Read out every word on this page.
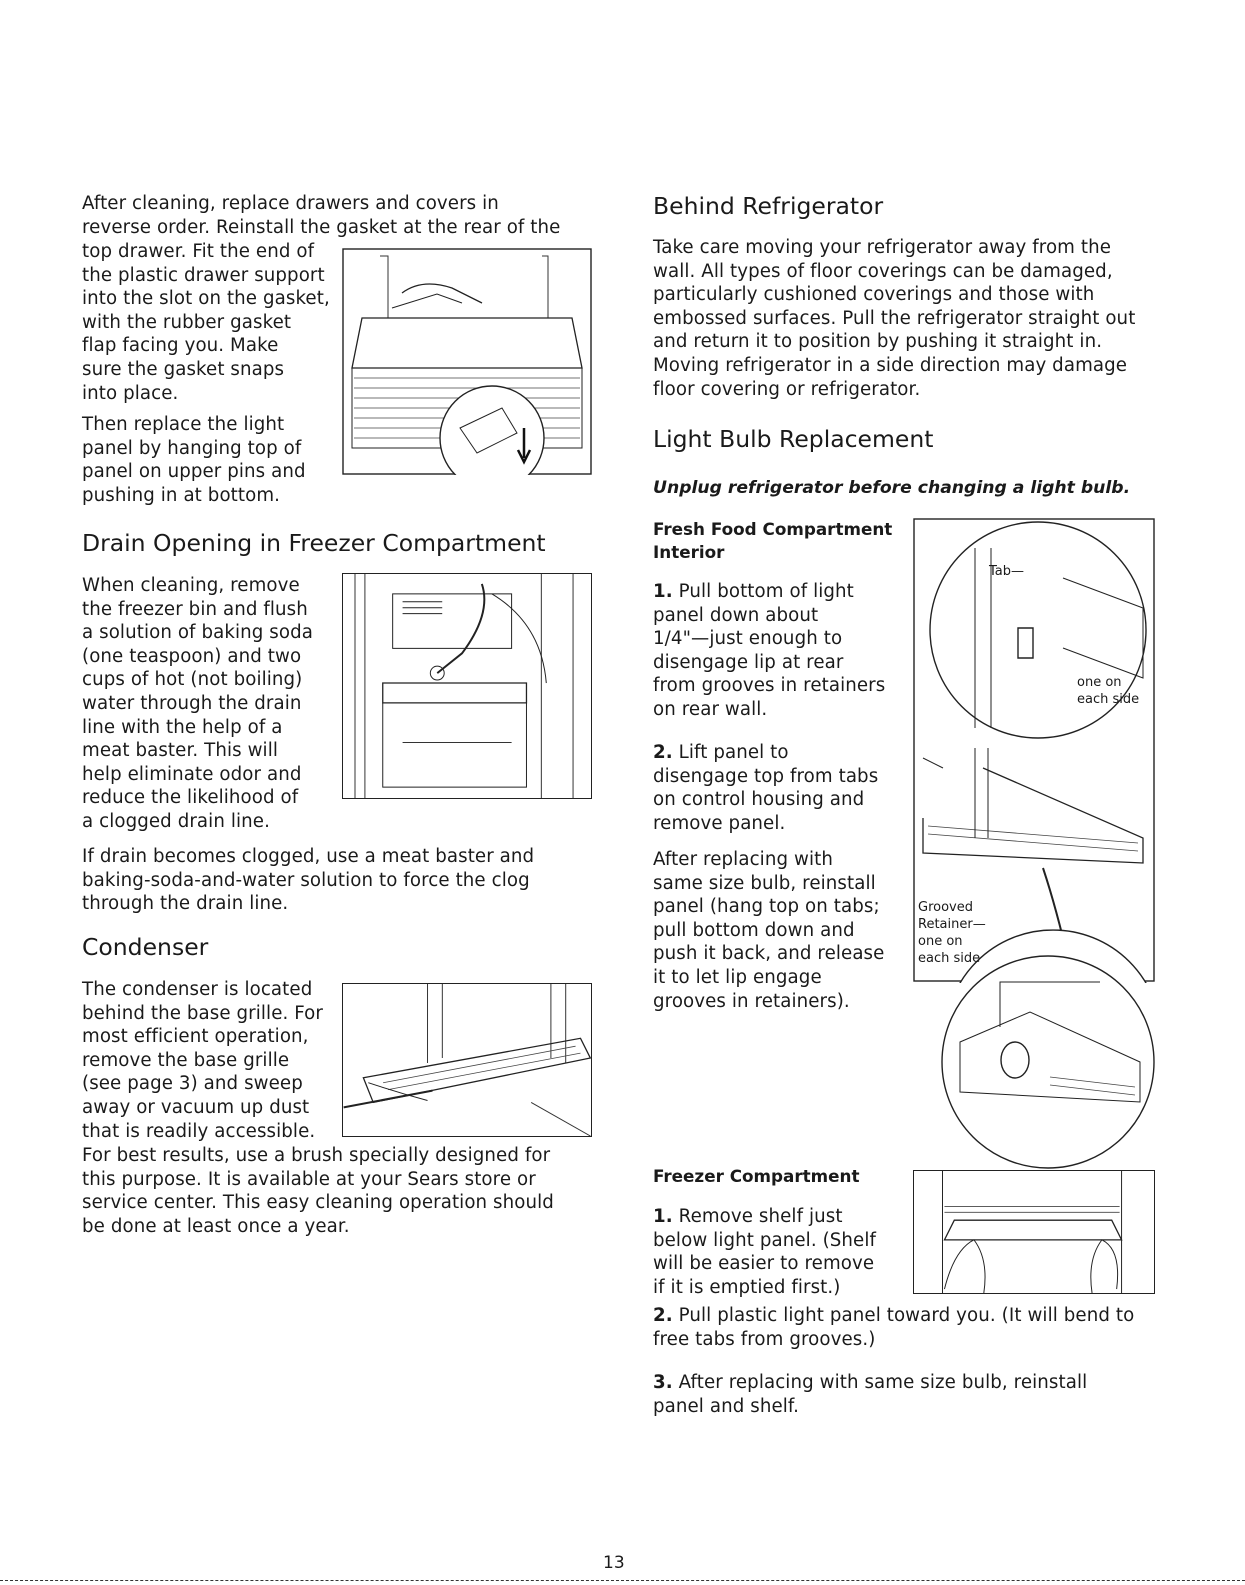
After cleaning, replace drawers and covers in

reverse order. Reinstall the gasket at the rear of the

top drawer. Fit the end of
the plastic drawer support
into the slot on the gasket,
with the rubber gasket
flap facing you. Make
sure the gasket snaps
into place.

Then replace the light
panel by hanging top of
panel on upper pins and
pushing in at bottom.

Drain Opening in Freezer Compartment

When cleaning, remove
the freezer bin and flush
a solution of baking soda
(one teaspoon) and two
cups of hot (not boiling)
water through the drain
line with the help of a
meat baster. This will
help eliminate odor and
reduce the likelihood of
a clogged drain line.

If drain becomes clogged, use a meat baster and
baking-soda-and-water solution to force the clog
through the drain line.

Condenser

The condenser is located
behind the base grille. For
most efficient operation,
remove the base grille
(see page 3) and sweep
away or vacuum up dust
that is readily accessible.

For best results, use a brush specially designed for
this purpose. It is available at your Sears store or
service center. This easy cleaning operation should
be done at least once a year.

Behind Refrigerator

Take care moving your refrigerator away from the
wall. All types of floor coverings can be damaged,
particularly cushioned coverings and those with
embossed surfaces. Pull the refrigerator straight out
and return it to position by pushing it straight in.
Moving refrigerator in a side direction may damage
floor covering or refrigerator.

Light Bulb Replacement

Unplug refrigerator before changing a light bulb.

Fresh Food Compartment
Interior

1. Pull bottom of light
panel down about
1/4"—just enough to
disengage lip at rear
from grooves in retainers
on rear wall.

2. Lift panel to
disengage top from tabs
on control housing and
remove panel.

After replacing with
same size bulb, reinstall
panel (hang top on tabs;
pull bottom down and
push it back, and release
it to let lip engage
grooves in retainers).

Tab—
one on
each side
Grooved
Retainer—
one on
each side

Freezer Compartment

1. Remove shelf just
below light panel. (Shelf
will be easier to remove
if it is emptied first.)

2. Pull plastic light panel toward you. (It will bend to
free tabs from grooves.)

3. After replacing with same size bulb, reinstall
panel and shelf.

13
